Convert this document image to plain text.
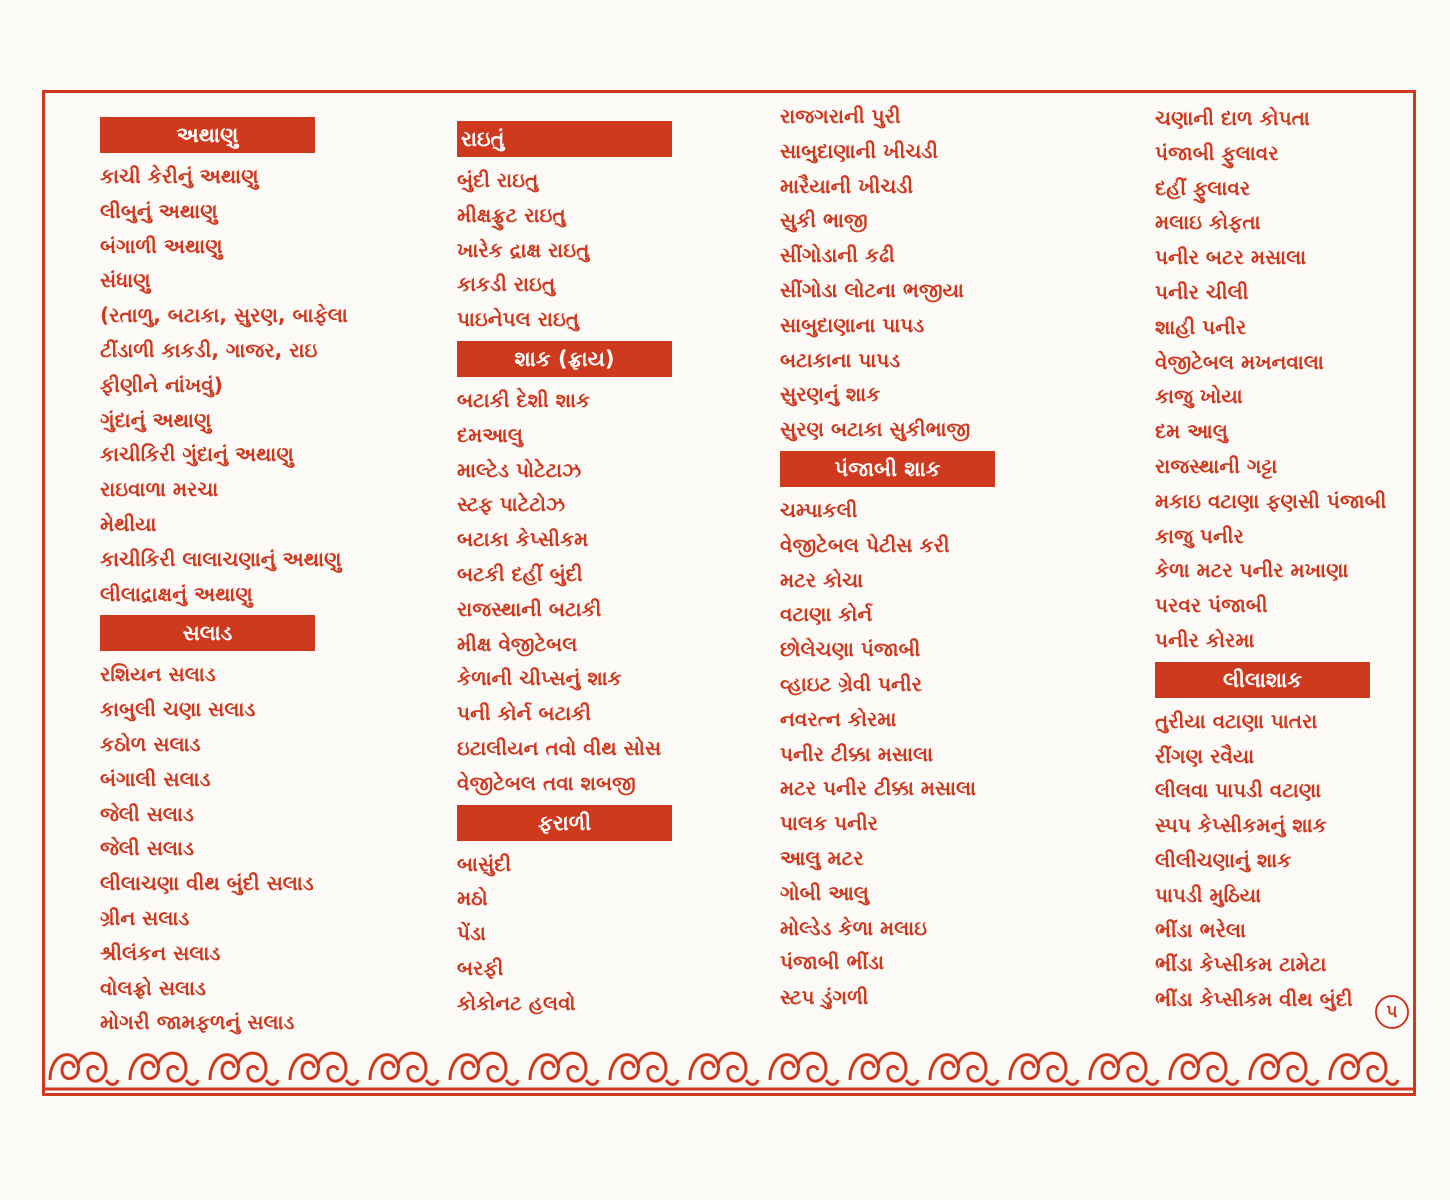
અથાણુ
કાચી કેરીનું અથાણુ
લીબુનું અથાણુ
બંગાળી અથાણુ
સંધાણુ
(રતાળુ, બટાકા, સુરણ, બાફેલા
ટીંડાળી કાકડી, ગાજર, રાઇ
ફીણીને નાંખવું)
ગુંદાનું અથાણુ
કાચીકિરી ગુંદાનું અથાણુ
રાઇવાળા મરચા
મેથીયા
કાચીકિરી લાલાચણાનું અથાણુ
લીલાદ્રાક્ષનું અથાણુ
સલાડ
રશિયન સલાડ
કાબુલી ચણા સલાડ
કઠોળ સલાડ
બંગાલી સલાડ
જેલી સલાડ
જેલી સલાડ
લીલાચણા વીથ બુંદી સલાડ
ગ્રીન સલાડ
શ્રીલંકન સલાડ
વોલફ્રો સલાડ
મોગરી જામફળનું સલાડ
રાઇતું
બુંદી રાઇતુ
મીક્ષફ્રુટ રાઇતુ
ખારેક દ્રાક્ષ રાઇતુ
કાકડી રાઇતુ
પાઇનેપલ રાઇતુ
શાક (ફ્રાય)
બટાકી દેશી શાક
દમઆલુ
માલ્ટેડ પોટેટાઝ
સ્ટફ પાટેટોઝ
બટાકા કેપ્સીકમ
બટકી દહીં બુંદી
રાજસ્થાની બટાકી
મીક્ષ વેજીટેબલ
કેળાની ચીપ્સનું શાક
પની કોર્ન બટાકી
ઇટાલીયન તવો વીથ સોસ
વેજીટેબલ તવા શબજી
ફરાળી
બાસુંદી
મઠો
પેંડા
બરફી
કોકોનટ હલવો
રાજગરાની પુરી
સાબુદાણાની ખીચડી
મારૈયાની ખીચડી
સુકી ભાજી
સીંગોડાની કઢી
સીંગોડા લોટના ભજીયા
સાબુદાણાના પાપડ
બટાકાના પાપડ
સુરણનું શાક
સુરણ બટાકા સુકીભાજી
પંજાબી શાક
ચમ્પાકલી
વેજીટેબલ પેટીસ કરી
મટર કોચા
વટાણા કોર્ન
છોલેચણા પંજાબી
વ્હાઇટ ગ્રેવી પનીર
નવરત્ન કોરમા
પનીર ટીક્કા મસાલા
મટર પનીર ટીક્કા મસાલા
પાલક પનીર
આલુ મટર
ગોબી આલુ
મોલ્ડેડ કેળા મલાઇ
પંજાબી ભીંડા
સ્ટપ ડુંગળી
ચણાની દાળ કોપતા
પંજાબી ફુલાવર
દહીં ફુલાવર
મલાઇ કોફતા
પનીર બટર મસાલા
પનીર ચીલી
શાહી પનીર
વેજીટેબલ મખનવાલા
કાજુ ખોયા
દમ આલુ
રાજસ્થાની ગટ્ટા
મકાઇ વટાણા ફણસી પંજાબી
કાજુ પનીર
કેળા મટર પનીર મખાણા
પરવર પંજાબી
પનીર કોરમા
લીલાશાક
તુરીયા વટાણા પાતરા
રીંગણ રવૈયા
લીલવા પાપડી વટાણા
સ્પપ કેપ્સીકમનું શાક
લીલીચણાનું શાક
પાપડી મુઠિયા
ભીંડા ભરેલા
ભીંડા કેપ્સીકમ ટામેટા
ભીંડા કેપ્સીકમ વીથ બુંદી
૫
